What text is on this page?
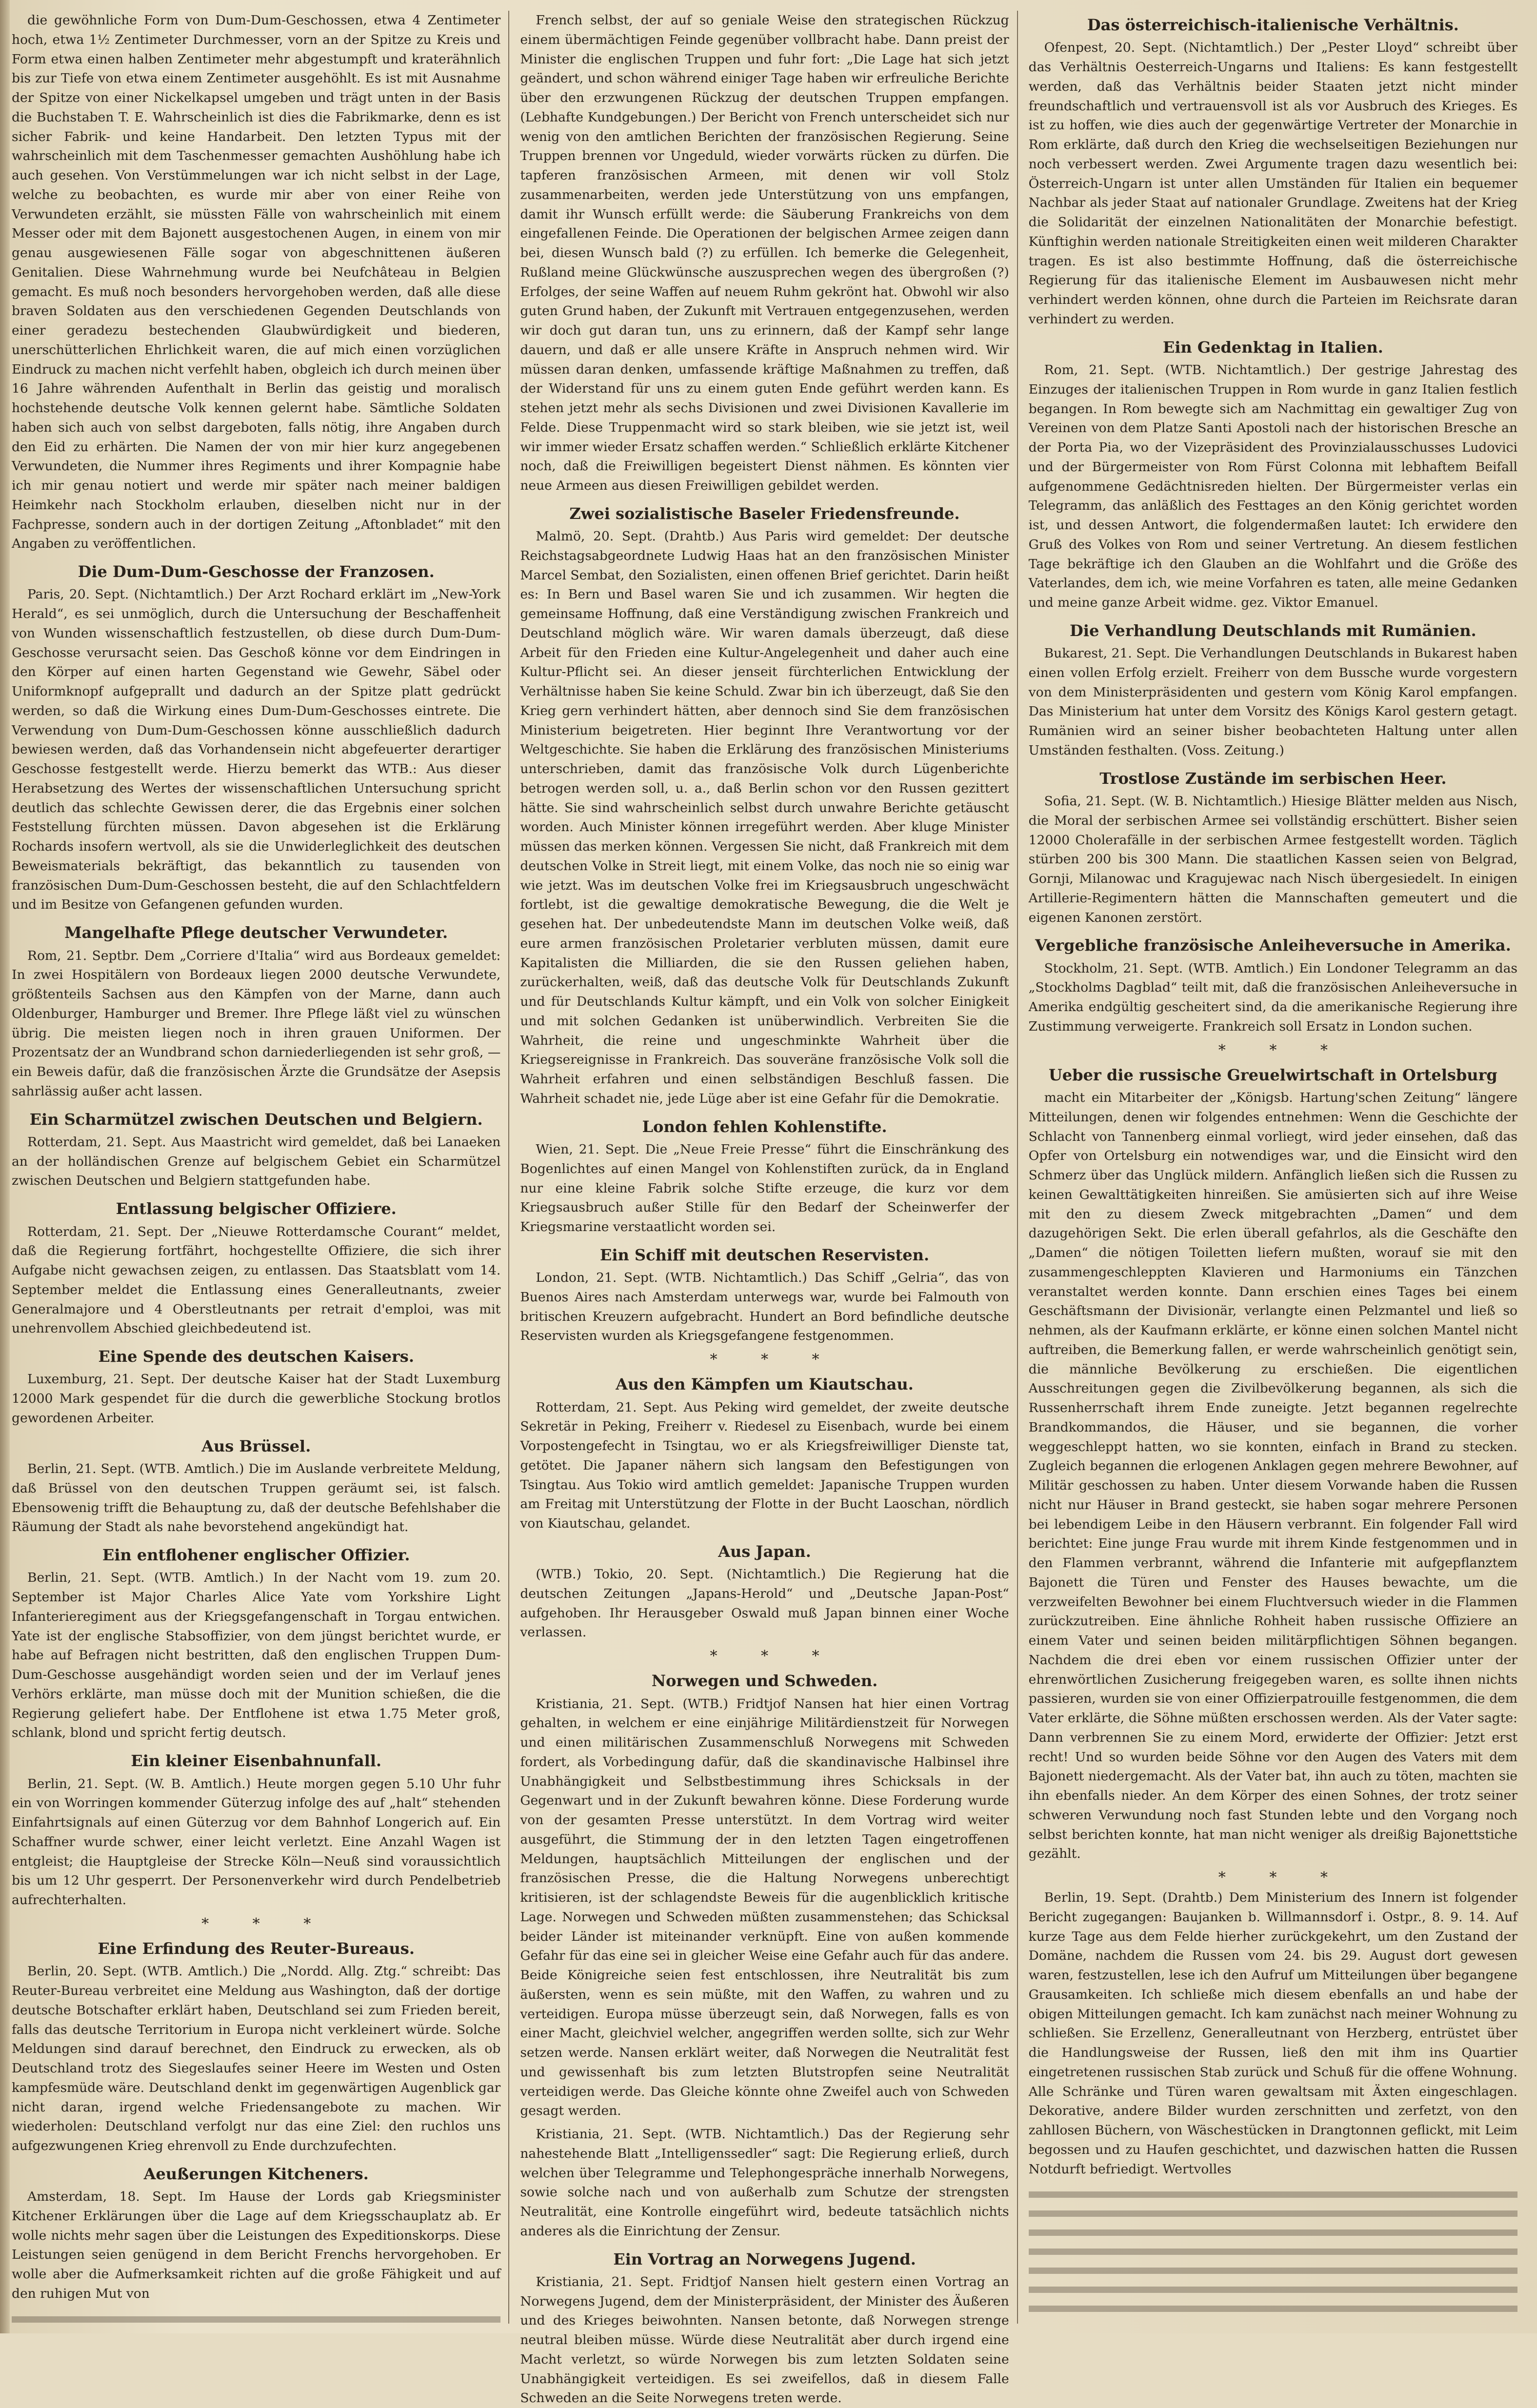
die gewöhnliche Form von Dum-Dum-Geschossen, etwa 4 Zentimeter hoch, etwa 1½ Zentimeter Durchmesser, vorn an der Spitze zu Kreis und Form etwa einen halben Zentimeter mehr abgestumpft und kraterähnlich bis zur Tiefe von etwa einem Zentimeter ausgehöhlt. Es ist mit Ausnahme der Spitze von einer Nickelkapsel umgeben und trägt unten in der Basis die Buchstaben T. E. Wahrscheinlich ist dies die Fabrikmarke, denn es ist sicher Fabrik- und keine Handarbeit. Den letzten Typus mit der wahrscheinlich mit dem Taschenmesser gemachten Aushöhlung habe ich auch gesehen. Von Verstümmelungen war ich nicht selbst in der Lage, welche zu beobachten, es wurde mir aber von einer Reihe von Verwundeten erzählt, sie müssten Fälle von wahrscheinlich mit einem Messer oder mit dem Bajonett ausgestochenen Augen, in einem von mir genau ausgewiesenen Fälle sogar von abgeschnittenen äußeren Genitalien. Diese Wahrnehmung wurde bei Neufchâteau in Belgien gemacht. Es muß noch besonders hervorgehoben werden, daß alle diese braven Soldaten aus den verschiedenen Gegenden Deutschlands von einer geradezu bestechenden Glaubwürdigkeit und biederen, unerschütterlichen Ehrlichkeit waren, die auf mich einen vorzüglichen Eindruck zu machen nicht verfehlt haben, obgleich ich durch meinen über 16 Jahre währenden Aufenthalt in Berlin das geistig und moralisch hochstehende deutsche Volk kennen gelernt habe. Sämtliche Soldaten haben sich auch von selbst dargeboten, falls nötig, ihre Angaben durch den Eid zu erhärten. Die Namen der von mir hier kurz angegebenen Verwundeten, die Nummer ihres Regiments und ihrer Kompagnie habe ich mir genau notiert und werde mir später nach meiner baldigen Heimkehr nach Stockholm erlauben, dieselben nicht nur in der Fachpresse, sondern auch in der dortigen Zeitung „Aftonbladet“ mit den Angaben zu veröffentlichen.

Die Dum-Dum-Geschosse der Franzosen.

Paris, 20. Sept. (Nichtamtlich.) Der Arzt Rochard erklärt im „New-York Herald“, es sei unmöglich, durch die Untersuchung der Beschaffenheit von Wunden wissenschaftlich festzustellen, ob diese durch Dum-Dum-Geschosse verursacht seien. Das Geschoß könne vor dem Eindringen in den Körper auf einen harten Gegenstand wie Gewehr, Säbel oder Uniformknopf aufgeprallt und dadurch an der Spitze platt gedrückt werden, so daß die Wirkung eines Dum-Dum-Geschosses eintrete. Die Verwendung von Dum-Dum-Geschossen könne ausschließlich dadurch bewiesen werden, daß das Vorhandensein nicht abgefeuerter derartiger Geschosse festgestellt werde. Hierzu bemerkt das WTB.: Aus dieser Herabsetzung des Wertes der wissenschaftlichen Untersuchung spricht deutlich das schlechte Gewissen derer, die das Ergebnis einer solchen Feststellung fürchten müssen. Davon abgesehen ist die Erklärung Rochards insofern wertvoll, als sie die Unwiderleglichkeit des deutschen Beweismaterials bekräftigt, das bekanntlich zu tausenden von französischen Dum-Dum-Geschossen besteht, die auf den Schlachtfeldern und im Besitze von Gefangenen gefunden wurden.

Mangelhafte Pflege deutscher Verwundeter.

Rom, 21. Septbr. Dem „Corriere d'Italia“ wird aus Bordeaux gemeldet: In zwei Hospitälern von Bordeaux liegen 2000 deutsche Verwundete, größtenteils Sachsen aus den Kämpfen von der Marne, dann auch Oldenburger, Hamburger und Bremer. Ihre Pflege läßt viel zu wünschen übrig. Die meisten liegen noch in ihren grauen Uniformen. Der Prozentsatz der an Wundbrand schon darniederliegenden ist sehr groß, — ein Beweis dafür, daß die französischen Ärzte die Grundsätze der Asepsis sahrlässig außer acht lassen.

Ein Scharmützel zwischen Deutschen und Belgiern.

Rotterdam, 21. Sept. Aus Maastricht wird gemeldet, daß bei Lanaeken an der holländischen Grenze auf belgischem Gebiet ein Scharmützel zwischen Deutschen und Belgiern stattgefunden habe.

Entlassung belgischer Offiziere.

Rotterdam, 21. Sept. Der „Nieuwe Rotterdamsche Courant“ meldet, daß die Regierung fortfährt, hochgestellte Offiziere, die sich ihrer Aufgabe nicht gewachsen zeigen, zu entlassen. Das Staatsblatt vom 14. September meldet die Entlassung eines Generalleutnants, zweier Generalmajore und 4 Oberstleutnants per retrait d'emploi, was mit unehrenvollem Abschied gleichbedeutend ist.

Eine Spende des deutschen Kaisers.

Luxemburg, 21. Sept. Der deutsche Kaiser hat der Stadt Luxemburg 12000 Mark gespendet für die durch die gewerbliche Stockung brotlos gewordenen Arbeiter.

Aus Brüssel.

Berlin, 21. Sept. (WTB. Amtlich.) Die im Auslande verbreitete Meldung, daß Brüssel von den deutschen Truppen geräumt sei, ist falsch. Ebensowenig trifft die Behauptung zu, daß der deutsche Befehlshaber die Räumung der Stadt als nahe bevorstehend angekündigt hat.

Ein entflohener englischer Offizier.

Berlin, 21. Sept. (WTB. Amtlich.) In der Nacht vom 19. zum 20. September ist Major Charles Alice Yate vom Yorkshire Light Infanterieregiment aus der Kriegsgefangenschaft in Torgau entwichen. Yate ist der englische Stabsoffizier, von dem jüngst berichtet wurde, er habe auf Befragen nicht bestritten, daß den englischen Truppen Dum-Dum-Geschosse ausgehändigt worden seien und der im Verlauf jenes Verhörs erklärte, man müsse doch mit der Munition schießen, die die Regierung geliefert habe. Der Entflohene ist etwa 1.75 Meter groß, schlank, blond und spricht fertig deutsch.

Ein kleiner Eisenbahnunfall.

Berlin, 21. Sept. (W. B. Amtlich.) Heute morgen gegen 5.10 Uhr fuhr ein von Worringen kommender Güterzug infolge des auf „halt“ stehenden Einfahrtsignals auf einen Güterzug vor dem Bahnhof Longerich auf. Ein Schaffner wurde schwer, einer leicht verletzt. Eine Anzahl Wagen ist entgleist; die Hauptgleise der Strecke Köln—Neuß sind voraussichtlich bis um 12 Uhr gesperrt. Der Personenverkehr wird durch Pendelbetrieb aufrechterhalten.

* * *
Eine Erfindung des Reuter-Bureaus.

Berlin, 20. Sept. (WTB. Amtlich.) Die „Nordd. Allg. Ztg.“ schreibt: Das Reuter-Bureau verbreitet eine Meldung aus Washington, daß der dortige deutsche Botschafter erklärt haben, Deutschland sei zum Frieden bereit, falls das deutsche Territorium in Europa nicht verkleinert würde. Solche Meldungen sind darauf berechnet, den Eindruck zu erwecken, als ob Deutschland trotz des Siegeslaufes seiner Heere im Westen und Osten kampfesmüde wäre. Deutschland denkt im gegenwärtigen Augenblick gar nicht daran, irgend welche Friedensangebote zu machen. Wir wiederholen: Deutschland verfolgt nur das eine Ziel: den ruchlos uns aufgezwungenen Krieg ehrenvoll zu Ende durchzufechten.

Aeußerungen Kitcheners.

Amsterdam, 18. Sept. Im Hause der Lords gab Kriegsminister Kitchener Erklärungen über die Lage auf dem Kriegsschauplatz ab. Er wolle nichts mehr sagen über die Leistungen des Expeditionskorps. Diese Leistungen seien genügend in dem Bericht Frenchs hervorgehoben. Er wolle aber die Aufmerksamkeit richten auf die große Fähigkeit und auf den ruhigen Mut von

French selbst, der auf so geniale Weise den strategischen Rückzug einem übermächtigen Feinde gegenüber vollbracht habe. Dann preist der Minister die englischen Truppen und fuhr fort: „Die Lage hat sich jetzt geändert, und schon während einiger Tage haben wir erfreuliche Berichte über den erzwungenen Rückzug der deutschen Truppen empfangen. (Lebhafte Kundgebungen.) Der Bericht von French unterscheidet sich nur wenig von den amtlichen Berichten der französischen Regierung. Seine Truppen brennen vor Ungeduld, wieder vorwärts rücken zu dürfen. Die tapferen französischen Armeen, mit denen wir voll Stolz zusammenarbeiten, werden jede Unterstützung von uns empfangen, damit ihr Wunsch erfüllt werde: die Säuberung Frankreichs von dem eingefallenen Feinde. Die Operationen der belgischen Armee zeigen dann bei, diesen Wunsch bald (?) zu erfüllen. Ich bemerke die Gelegenheit, Rußland meine Glückwünsche auszusprechen wegen des übergroßen (?) Erfolges, der seine Waffen auf neuem Ruhm gekrönt hat. Obwohl wir also guten Grund haben, der Zukunft mit Vertrauen entgegenzusehen, werden wir doch gut daran tun, uns zu erinnern, daß der Kampf sehr lange dauern, und daß er alle unsere Kräfte in Anspruch nehmen wird. Wir müssen daran denken, umfassende kräftige Maßnahmen zu treffen, daß der Widerstand für uns zu einem guten Ende geführt werden kann. Es stehen jetzt mehr als sechs Divisionen und zwei Divisionen Kavallerie im Felde. Diese Truppenmacht wird so stark bleiben, wie sie jetzt ist, weil wir immer wieder Ersatz schaffen werden.“ Schließlich erklärte Kitchener noch, daß die Freiwilligen begeistert Dienst nähmen. Es könnten vier neue Armeen aus diesen Freiwilligen gebildet werden.

Zwei sozialistische Baseler Friedensfreunde.

Malmö, 20. Sept. (Drahtb.) Aus Paris wird gemeldet: Der deutsche Reichstagsabgeordnete Ludwig Haas hat an den französischen Minister Marcel Sembat, den Sozialisten, einen offenen Brief gerichtet. Darin heißt es: In Bern und Basel waren Sie und ich zusammen. Wir hegten die gemeinsame Hoffnung, daß eine Verständigung zwischen Frankreich und Deutschland möglich wäre. Wir waren damals überzeugt, daß diese Arbeit für den Frieden eine Kultur-Angelegenheit und daher auch eine Kultur-Pflicht sei. An dieser jenseit fürchterlichen Entwicklung der Verhältnisse haben Sie keine Schuld. Zwar bin ich überzeugt, daß Sie den Krieg gern verhindert hätten, aber dennoch sind Sie dem französischen Ministerium beigetreten. Hier beginnt Ihre Verantwortung vor der Weltgeschichte. Sie haben die Erklärung des französischen Ministeriums unterschrieben, damit das französische Volk durch Lügenberichte betrogen werden soll, u. a., daß Berlin schon vor den Russen gezittert hätte. Sie sind wahrscheinlich selbst durch unwahre Berichte getäuscht worden. Auch Minister können irregeführt werden. Aber kluge Minister müssen das merken können. Vergessen Sie nicht, daß Frankreich mit dem deutschen Volke in Streit liegt, mit einem Volke, das noch nie so einig war wie jetzt. Was im deutschen Volke frei im Kriegsausbruch ungeschwächt fortlebt, ist die gewaltige demokratische Bewegung, die die Welt je gesehen hat. Der unbedeutendste Mann im deutschen Volke weiß, daß eure armen französischen Proletarier verbluten müssen, damit eure Kapitalisten die Milliarden, die sie den Russen geliehen haben, zurückerhalten, weiß, daß das deutsche Volk für Deutschlands Zukunft und für Deutschlands Kultur kämpft, und ein Volk von solcher Einigkeit und mit solchen Gedanken ist unüberwindlich. Verbreiten Sie die Wahrheit, die reine und ungeschminkte Wahrheit über die Kriegsereignisse in Frankreich. Das souveräne französische Volk soll die Wahrheit erfahren und einen selbständigen Beschluß fassen. Die Wahrheit schadet nie, jede Lüge aber ist eine Gefahr für die Demokratie.

London fehlen Kohlenstifte.

Wien, 21. Sept. Die „Neue Freie Presse“ führt die Einschränkung des Bogenlichtes auf einen Mangel von Kohlenstiften zurück, da in England nur eine kleine Fabrik solche Stifte erzeuge, die kurz vor dem Kriegsausbruch außer Stille für den Bedarf der Scheinwerfer der Kriegsmarine verstaatlicht worden sei.

Ein Schiff mit deutschen Reservisten.

London, 21. Sept. (WTB. Nichtamtlich.) Das Schiff „Gelria“, das von Buenos Aires nach Amsterdam unterwegs war, wurde bei Falmouth von britischen Kreuzern aufgebracht. Hundert an Bord befindliche deutsche Reservisten wurden als Kriegsgefangene festgenommen.

* * *
Aus den Kämpfen um Kiautschau.

Rotterdam, 21. Sept. Aus Peking wird gemeldet, der zweite deutsche Sekretär in Peking, Freiherr v. Riedesel zu Eisenbach, wurde bei einem Vorpostengefecht in Tsingtau, wo er als Kriegsfreiwilliger Dienste tat, getötet. Die Japaner nähern sich langsam den Befestigungen von Tsingtau. Aus Tokio wird amtlich gemeldet: Japanische Truppen wurden am Freitag mit Unterstützung der Flotte in der Bucht Laoschan, nördlich von Kiautschau, gelandet.

Aus Japan.

(WTB.) Tokio, 20. Sept. (Nichtamtlich.) Die Regierung hat die deutschen Zeitungen „Japans-Herold“ und „Deutsche Japan-Post“ aufgehoben. Ihr Herausgeber Oswald muß Japan binnen einer Woche verlassen.

* * *
Norwegen und Schweden.

Kristiania, 21. Sept. (WTB.) Fridtjof Nansen hat hier einen Vortrag gehalten, in welchem er eine einjährige Militärdienstzeit für Norwegen und einen militärischen Zusammenschluß Norwegens mit Schweden fordert, als Vorbedingung dafür, daß die skandinavische Halbinsel ihre Unabhängigkeit und Selbstbestimmung ihres Schicksals in der Gegenwart und in der Zukunft bewahren könne. Diese Forderung wurde von der gesamten Presse unterstützt. In dem Vortrag wird weiter ausgeführt, die Stimmung der in den letzten Tagen eingetroffenen Meldungen, hauptsächlich Mitteilungen der englischen und der französischen Presse, die die Haltung Norwegens unberechtigt kritisieren, ist der schlagendste Beweis für die augenblicklich kritische Lage. Norwegen und Schweden müßten zusammenstehen; das Schicksal beider Länder ist miteinander verknüpft. Eine von außen kommende Gefahr für das eine sei in gleicher Weise eine Gefahr auch für das andere. Beide Königreiche seien fest entschlossen, ihre Neutralität bis zum äußersten, wenn es sein müßte, mit den Waffen, zu wahren und zu verteidigen. Europa müsse überzeugt sein, daß Norwegen, falls es von einer Macht, gleichviel welcher, angegriffen werden sollte, sich zur Wehr setzen werde. Nansen erklärt weiter, daß Norwegen die Neutralität fest und gewissenhaft bis zum letzten Blutstropfen seine Neutralität verteidigen werde. Das Gleiche könnte ohne Zweifel auch von Schweden gesagt werden.

Kristiania, 21. Sept. (WTB. Nichtamtlich.) Das der Regierung sehr nahestehende Blatt „Intelligenssedler“ sagt: Die Regierung erließ, durch welchen über Telegramme und Telephongespräche innerhalb Norwegens, sowie solche nach und von außerhalb zum Schutze der strengsten Neutralität, eine Kontrolle eingeführt wird, bedeute tatsächlich nichts anderes als die Einrichtung der Zensur.

Ein Vortrag an Norwegens Jugend.

Kristiania, 21. Sept. Fridtjof Nansen hielt gestern einen Vortrag an Norwegens Jugend, dem der Ministerpräsident, der Minister des Äußeren und des Krieges beiwohnten. Nansen betonte, daß Norwegen strenge neutral bleiben müsse. Würde diese Neutralität aber durch irgend eine Macht verletzt, so würde Norwegen bis zum letzten Soldaten seine Unabhängigkeit verteidigen. Es sei zweifellos, daß in diesem Falle Schweden an die Seite Norwegens treten werde.

Das österreichisch-italienische Verhältnis.

Ofenpest, 20. Sept. (Nichtamtlich.) Der „Pester Lloyd“ schreibt über das Verhältnis Oesterreich-Ungarns und Italiens: Es kann festgestellt werden, daß das Verhältnis beider Staaten jetzt nicht minder freundschaftlich und vertrauensvoll ist als vor Ausbruch des Krieges. Es ist zu hoffen, wie dies auch der gegenwärtige Vertreter der Monarchie in Rom erklärte, daß durch den Krieg die wechselseitigen Beziehungen nur noch verbessert werden. Zwei Argumente tragen dazu wesentlich bei: Österreich-Ungarn ist unter allen Umständen für Italien ein bequemer Nachbar als jeder Staat auf nationaler Grundlage. Zweitens hat der Krieg die Solidarität der einzelnen Nationalitäten der Monarchie befestigt. Künftighin werden nationale Streitigkeiten einen weit milderen Charakter tragen. Es ist also bestimmte Hoffnung, daß die österreichische Regierung für das italienische Element im Ausbauwesen nicht mehr verhindert werden können, ohne durch die Parteien im Reichsrate daran verhindert zu werden.

Ein Gedenktag in Italien.

Rom, 21. Sept. (WTB. Nichtamtlich.) Der gestrige Jahrestag des Einzuges der italienischen Truppen in Rom wurde in ganz Italien festlich begangen. In Rom bewegte sich am Nachmittag ein gewaltiger Zug von Vereinen von dem Platze Santi Apostoli nach der historischen Bresche an der Porta Pia, wo der Vizepräsident des Provinzialausschusses Ludovici und der Bürgermeister von Rom Fürst Colonna mit lebhaftem Beifall aufgenommene Gedächtnisreden hielten. Der Bürgermeister verlas ein Telegramm, das anläßlich des Festtages an den König gerichtet worden ist, und dessen Antwort, die folgendermaßen lautet: Ich erwidere den Gruß des Volkes von Rom und seiner Vertretung. An diesem festlichen Tage bekräftige ich den Glauben an die Wohlfahrt und die Größe des Vaterlandes, dem ich, wie meine Vorfahren es taten, alle meine Gedanken und meine ganze Arbeit widme. gez. Viktor Emanuel.

Die Verhandlung Deutschlands mit Rumänien.

Bukarest, 21. Sept. Die Verhandlungen Deutschlands in Bukarest haben einen vollen Erfolg erzielt. Freiherr von dem Bussche wurde vorgestern von dem Ministerpräsidenten und gestern vom König Karol empfangen. Das Ministerium hat unter dem Vorsitz des Königs Karol gestern getagt. Rumänien wird an seiner bisher beobachteten Haltung unter allen Umständen festhalten. (Voss. Zeitung.)

Trostlose Zustände im serbischen Heer.

Sofia, 21. Sept. (W. B. Nichtamtlich.) Hiesige Blätter melden aus Nisch, die Moral der serbischen Armee sei vollständig erschüttert. Bisher seien 12000 Cholerafälle in der serbischen Armee festgestellt worden. Täglich stürben 200 bis 300 Mann. Die staatlichen Kassen seien von Belgrad, Gornji, Milanowac und Kragujewac nach Nisch übergesiedelt. In einigen Artillerie-Regimentern hätten die Mannschaften gemeutert und die eigenen Kanonen zerstört.

Vergebliche französische Anleiheversuche in Amerika.

Stockholm, 21. Sept. (WTB. Amtlich.) Ein Londoner Telegramm an das „Stockholms Dagblad“ teilt mit, daß die französischen Anleiheversuche in Amerika endgültig gescheitert sind, da die amerikanische Regierung ihre Zustimmung verweigerte. Frankreich soll Ersatz in London suchen.

* * *
Ueber die russische Greuelwirtschaft in Ortelsburg

macht ein Mitarbeiter der „Königsb. Hartung'schen Zeitung“ längere Mitteilungen, denen wir folgendes entnehmen: Wenn die Geschichte der Schlacht von Tannenberg einmal vorliegt, wird jeder einsehen, daß das Opfer von Ortelsburg ein notwendiges war, und die Einsicht wird den Schmerz über das Unglück mildern. Anfänglich ließen sich die Russen zu keinen Gewalttätigkeiten hinreißen. Sie amüsierten sich auf ihre Weise mit den zu diesem Zweck mitgebrachten „Damen“ und dem dazugehörigen Sekt. Die erlen überall gefahrlos, als die Geschäfte den „Damen“ die nötigen Toiletten liefern mußten, worauf sie mit den zusammengeschleppten Klavieren und Harmoniums ein Tänzchen veranstaltet werden konnte. Dann erschien eines Tages bei einem Geschäftsmann der Divisionär, verlangte einen Pelzmantel und ließ so nehmen, als der Kaufmann erklärte, er könne einen solchen Mantel nicht auftreiben, die Bemerkung fallen, er werde wahrscheinlich genötigt sein, die männliche Bevölkerung zu erschießen. Die eigentlichen Ausschreitungen gegen die Zivilbevölkerung begannen, als sich die Russenherrschaft ihrem Ende zuneigte. Jetzt begannen regelrechte Brandkommandos, die Häuser, und sie begannen, die vorher weggeschleppt hatten, wo sie konnten, einfach in Brand zu stecken. Zugleich begannen die erlogenen Anklagen gegen mehrere Bewohner, auf Militär geschossen zu haben. Unter diesem Vorwande haben die Russen nicht nur Häuser in Brand gesteckt, sie haben sogar mehrere Personen bei lebendigem Leibe in den Häusern verbrannt. Ein folgender Fall wird berichtet: Eine junge Frau wurde mit ihrem Kinde festgenommen und in den Flammen verbrannt, während die Infanterie mit aufgepflanztem Bajonett die Türen und Fenster des Hauses bewachte, um die verzweifelten Bewohner bei einem Fluchtversuch wieder in die Flammen zurückzutreiben. Eine ähnliche Rohheit haben russische Offiziere an einem Vater und seinen beiden militärpflichtigen Söhnen begangen. Nachdem die drei eben vor einem russischen Offizier unter der ehrenwörtlichen Zusicherung freigegeben waren, es sollte ihnen nichts passieren, wurden sie von einer Offizierpatrouille festgenommen, die dem Vater erklärte, die Söhne müßten erschossen werden. Als der Vater sagte: Dann verbrennen Sie zu einem Mord, erwiderte der Offizier: Jetzt erst recht! Und so wurden beide Söhne vor den Augen des Vaters mit dem Bajonett niedergemacht. Als der Vater bat, ihn auch zu töten, machten sie ihn ebenfalls nieder. An dem Körper des einen Sohnes, der trotz seiner schweren Verwundung noch fast Stunden lebte und den Vorgang noch selbst berichten konnte, hat man nicht weniger als dreißig Bajonettstiche gezählt.

* * *

Berlin, 19. Sept. (Drahtb.) Dem Ministerium des Innern ist folgender Bericht zugegangen: Baujanken b. Willmannsdorf i. Ostpr., 8. 9. 14. Auf kurze Tage aus dem Felde hierher zurückgekehrt, um den Zustand der Domäne, nachdem die Russen vom 24. bis 29. August dort gewesen waren, festzustellen, lese ich den Aufruf um Mitteilungen über begangene Grausamkeiten. Ich schließe mich diesem ebenfalls an und habe der obigen Mitteilungen gemacht. Ich kam zunächst nach meiner Wohnung zu schließen. Sie Erzellenz, Generalleutnant von Herzberg, entrüstet über die Handlungsweise der Russen, ließ den mit ihm ins Quartier eingetretenen russischen Stab zurück und Schuß für die offene Wohnung. Alle Schränke und Türen waren gewaltsam mit Äxten eingeschlagen. Dekorative, andere Bilder wurden zerschnitten und zerfetzt, von den zahllosen Büchern, von Wäschestücken in Drangtonnen geflickt, mit Leim begossen und zu Haufen geschichtet, und dazwischen hatten die Russen Notdurft befriedigt. Wertvolles
